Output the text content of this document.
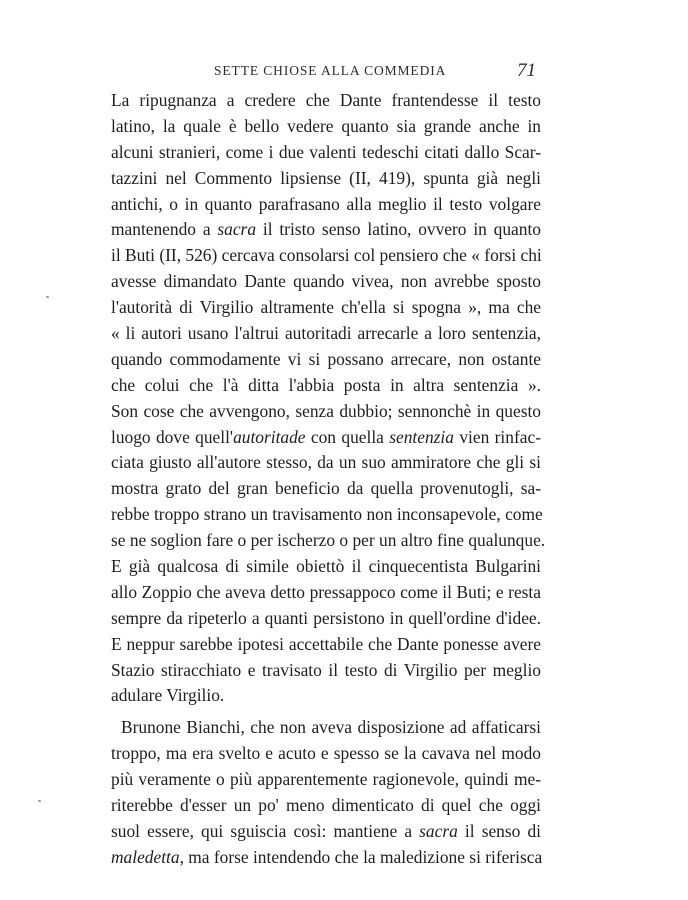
SETTE CHIOSE ALLA COMMEDIA	71
La ripugnanza a credere che Dante frantendesse il testo
latino, la quale è bello vedere quanto sia grande anche in
alcuni stranieri, come i due valenti tedeschi citati dallo Scar-
tazzini nel Commento lipsiense (II, 419), spunta già negli
antichi, o in quanto parafrasano alla meglio il testo volgare
mantenendo a sacra il tristo senso latino, ovvero in quanto
il Buti (II, 526) cercava consolarsi col pensiero che « forsi chi
avesse dimandato Dante quando vivea, non avrebbe sposto
l'autorità di Virgilio altramente ch'ella si spogna », ma che
« li autori usano l'altrui autoritadi arrecarle a loro sentenzia,
quando commodamente vi si possano arrecare, non ostante
che colui che l'à ditta l'abbia posta in altra sentenzia ».
Son cose che avvengono, senza dubbio; sennonchè in questo
luogo dove quell'autoritade con quella sentenzia vien rinfac-
ciata giusto all'autore stesso, da un suo ammiratore che gli si
mostra grato del gran beneficio da quella provenutogli, sa-
rebbe troppo strano un travisamento non inconsapevole, come
se ne soglion fare o per ischerzo o per un altro fine qualunque.
E già qualcosa di simile obiettò il cinquecentista Bulgarini
allo Zoppio che aveva detto pressappoco come il Buti; e resta
sempre da ripeterlo a quanti persistono in quell'ordine d'idee.
E neppur sarebbe ipotesi accettabile che Dante ponesse avere
Stazio stiracchiato e travisato il testo di Virgilio per meglio
adulare Virgilio.
Brunone Bianchi, che non aveva disposizione ad affaticarsi
troppo, ma era svelto e acuto e spesso se la cavava nel modo
più veramente o più apparentemente ragionevole, quindi me-
riterebbe d'esser un po' meno dimenticato di quel che oggi
suol essere, qui sguiscia così: mantiene a sacra il senso di
maledetta, ma forse intendendo che la maledizione si riferisca
